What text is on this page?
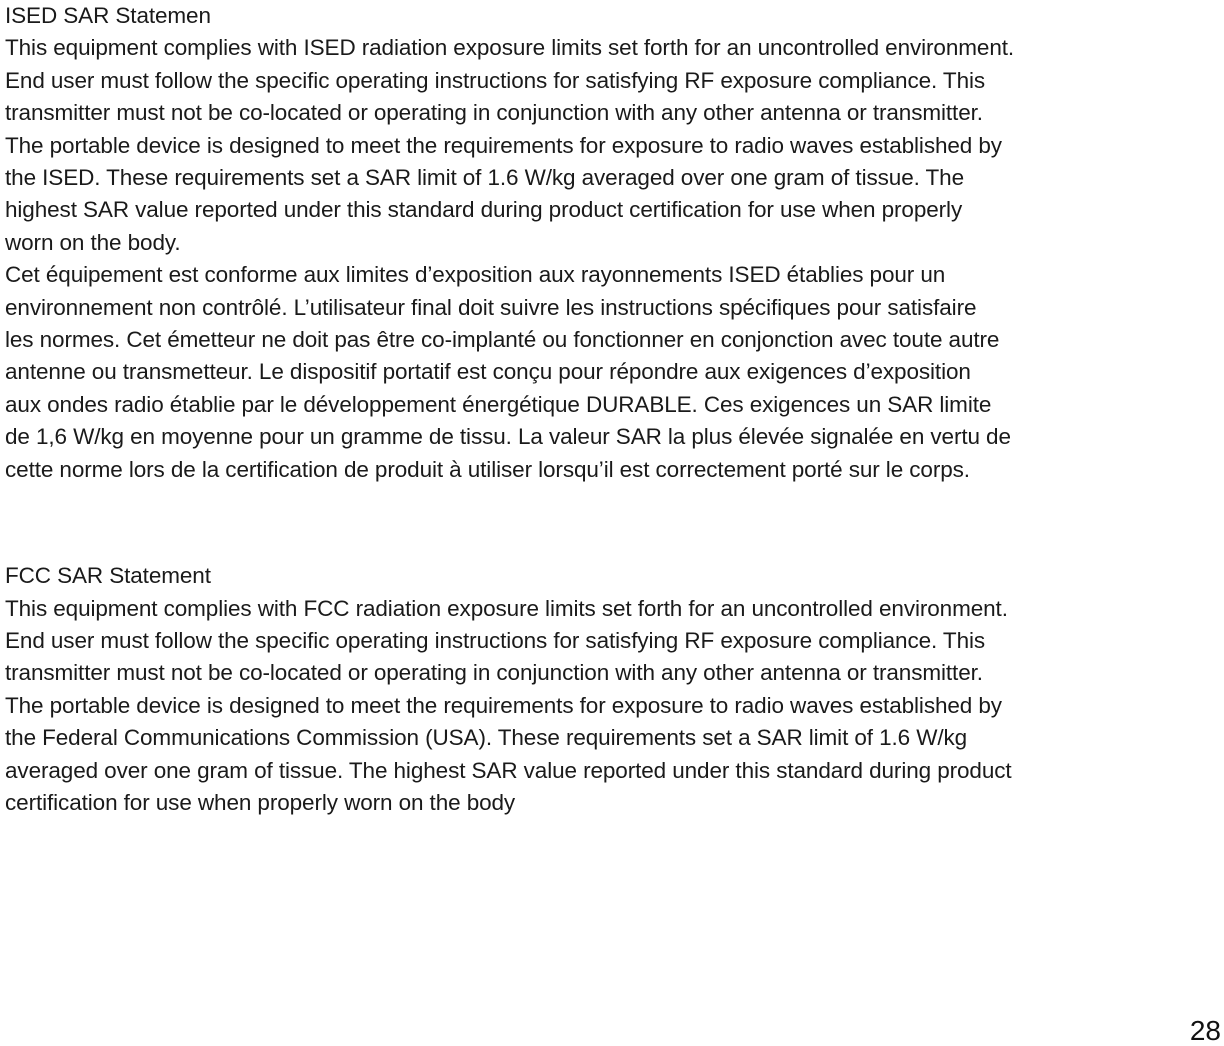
ISED SAR Statemen
This equipment complies with ISED radiation exposure limits set forth for an uncontrolled environment.
End user must follow the specific operating instructions for satisfying RF exposure compliance. This
transmitter must not be co-located or operating in conjunction with any other antenna or transmitter.
The portable device is designed to meet the requirements for exposure to radio waves established by
the ISED. These requirements set a SAR limit of 1.6 W/kg averaged over one gram of tissue. The
highest SAR value reported under this standard during product certification for use when properly
worn on the body.
Cet équipement est conforme aux limites d’exposition aux rayonnements ISED établies pour un
environnement non contrôlé. L’utilisateur final doit suivre les instructions spécifiques pour satisfaire
les normes. Cet émetteur ne doit pas être co-implanté ou fonctionner en conjonction avec toute autre
antenne ou transmetteur. Le dispositif portatif est conçu pour répondre aux exigences d’exposition
aux ondes radio établie par le développement énergétique DURABLE. Ces exigences un SAR limite
de 1,6 W/kg en moyenne pour un gramme de tissu. La valeur SAR la plus élevée signalée en vertu de
cette norme lors de la certification de produit à utiliser lorsqu’il est correctement porté sur le corps.
FCC SAR Statement
This equipment complies with FCC radiation exposure limits set forth for an uncontrolled environment.
End user must follow the specific operating instructions for satisfying RF exposure compliance. This
transmitter must not be co-located or operating in conjunction with any other antenna or transmitter.
The portable device is designed to meet the requirements for exposure to radio waves established by
the Federal Communications Commission (USA). These requirements set a SAR limit of 1.6 W/kg
averaged over one gram of tissue. The highest SAR value reported under this standard during product
certification for use when properly worn on the body
28
